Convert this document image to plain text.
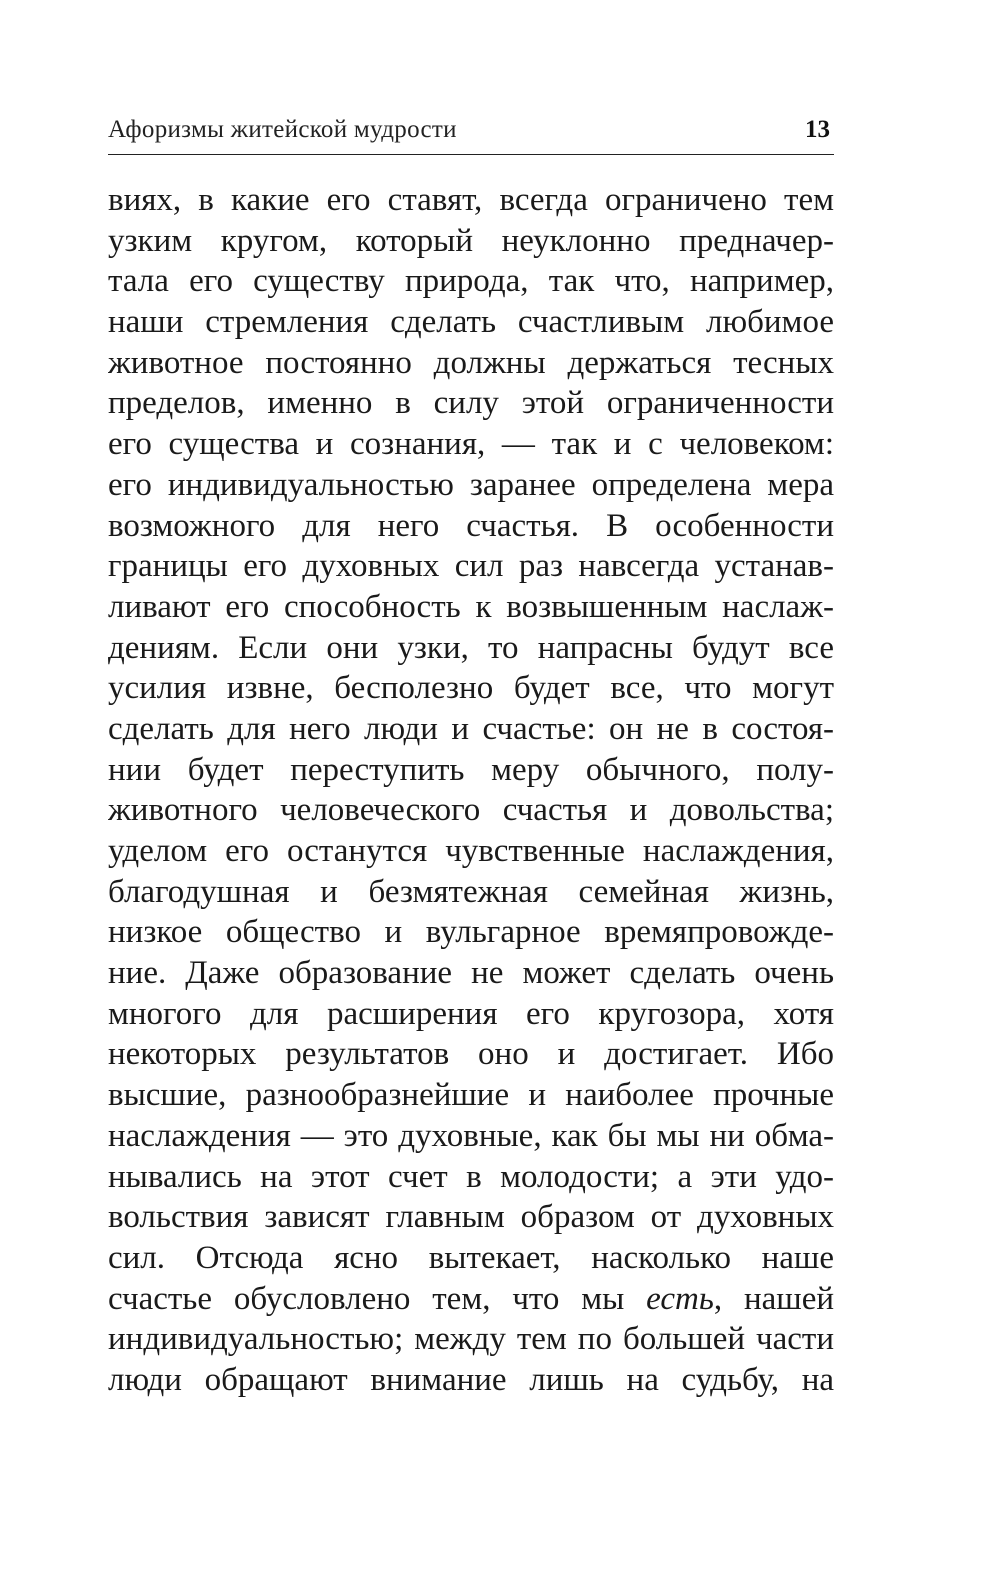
Афоризмы житейской мудрости	13
виях, в какие его ставят, всегда ограничено тем
узким кругом, который неуклонно предначер-
тала его существу природа, так что, например,
наши стремления сделать счастливым любимое
животное постоянно должны держаться тесных
пределов, именно в силу этой ограниченности
его существа и сознания, — так и с человеком:
его индивидуальностью заранее определена мера
возможного для него счастья. В особенности
границы его духовных сил раз навсегда устанав-
ливают его способность к возвышенным наслаж-
дениям. Если они узки, то напрасны будут все
усилия извне, бесполезно будет все, что могут
сделать для него люди и счастье: он не в состоя-
нии будет переступить меру обычного, полу-
животного человеческого счастья и довольства;
уделом его останутся чувственные наслаждения,
благодушная и безмятежная семейная жизнь,
низкое общество и вульгарное времяпровожде-
ние. Даже образование не может сделать очень
многого для расширения его кругозора, хотя
некоторых результатов оно и достигает. Ибо
высшие, разнообразнейшие и наиболее прочные
наслаждения — это духовные, как бы мы ни обма-
нывались на этот счет в молодости; а эти удо-
вольствия зависят главным образом от духовных
сил. Отсюда ясно вытекает, насколько наше
счастье обусловлено тем, что мы есть, нашей
индивидуальностью; между тем по большей части
люди обращают внимание лишь на судьбу, на
